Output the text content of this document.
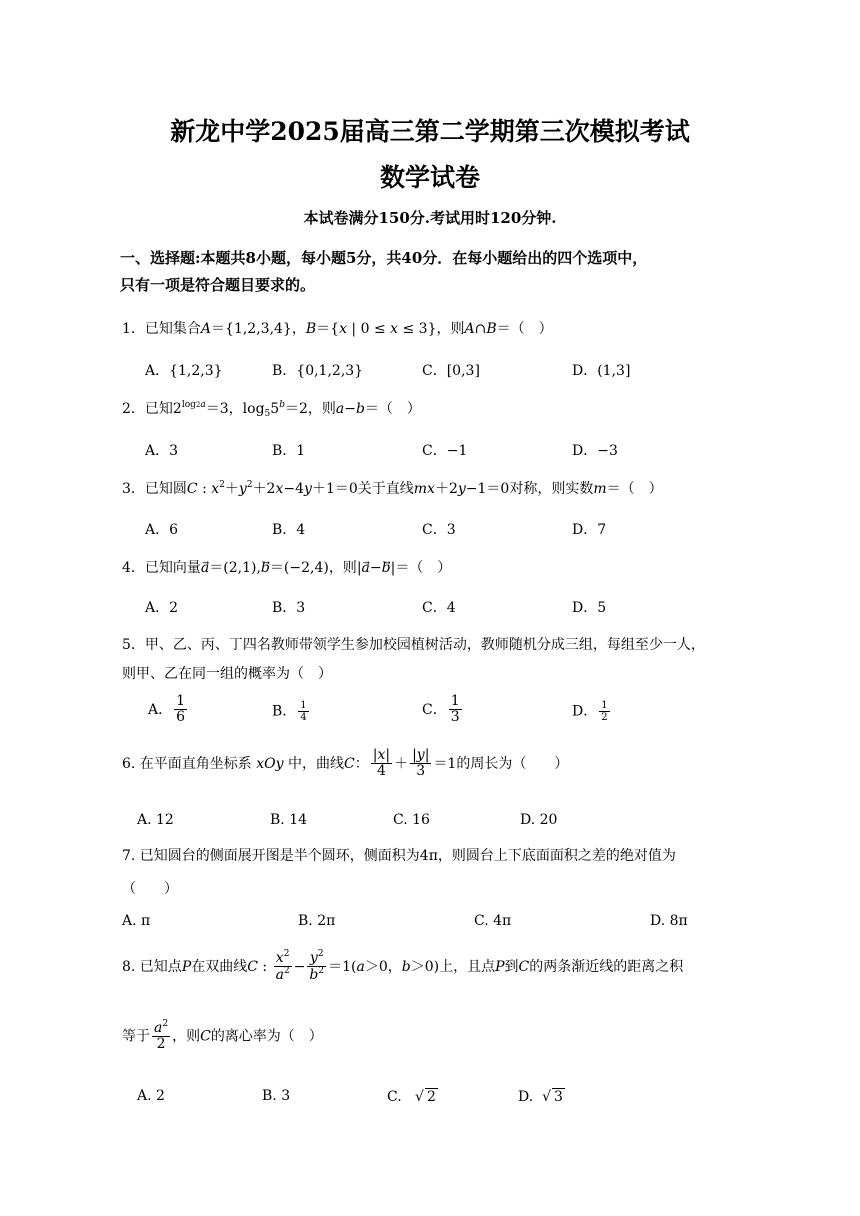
新龙中学2025届高三第二学期第三次模拟考试
数学试卷
本试卷满分150分.考试用时120分钟.
一、选择题:本题共8小题，每小题5分，共40分．在每小题给出的四个选项中，
只有一项是符合题目要求的。
1．已知集合A＝{1,2,3,4}，B＝{x | 0 ≤ x ≤ 3}，则A∩B＝（　）
A．{1,2,3}	B．{0,1,2,3}	C．[0,3]	D．(1,3]
2．已知$2^{log2a}=3$，$\log_55^b=2$，则a−b＝（　）
A．3	B．1	C．−1	D．−3
3．已知圆C : $x^2+y^2+2x-4y+1=0$关于直线mx＋2y−1＝0对称，则实数m＝（　）
A．6	B．4	C．3	D．7
4．已知向量a⃗＝(2,1),b⃗＝(−2,4)，则|a⃗−b⃗|＝（　）
A．2	B．3	C．4	D．5
5．甲、乙、丙、丁四名教师带领学生参加校园植树活动，教师随机分成三组，每组至少一人，
则甲、乙在同一组的概率为（　）
A． $\frac{1}{6}$	B． $\frac{1}{4}$	C． $\frac{1}{3}$	D． $\frac{1}{2}$
6. 在平面直角坐标系 xOy 中，曲线C： $\frac{|x|}{4} + \frac{|y|}{3} =1$的周长为（　　）
A. 12	B. 14	C. 16	D. 20
7. 已知圆台的侧面展开图是半个圆环，侧面积为4π，则圆台上下底面面积之差的绝对值为
（　　）
A. π	B. 2π	C. 4π	D. 8π
8. 已知点P在双曲线C : $\frac{x^2}{a^2} - \frac{y^2}{b^2} =1(a>0$，b＞0)上，且点P到C的两条渐近线的距离之积
等于 $\frac{a^2}{2}$ ，则C的离心率为（　）
A. 2	B. 3	C.   √ 2	D.  √ 3
